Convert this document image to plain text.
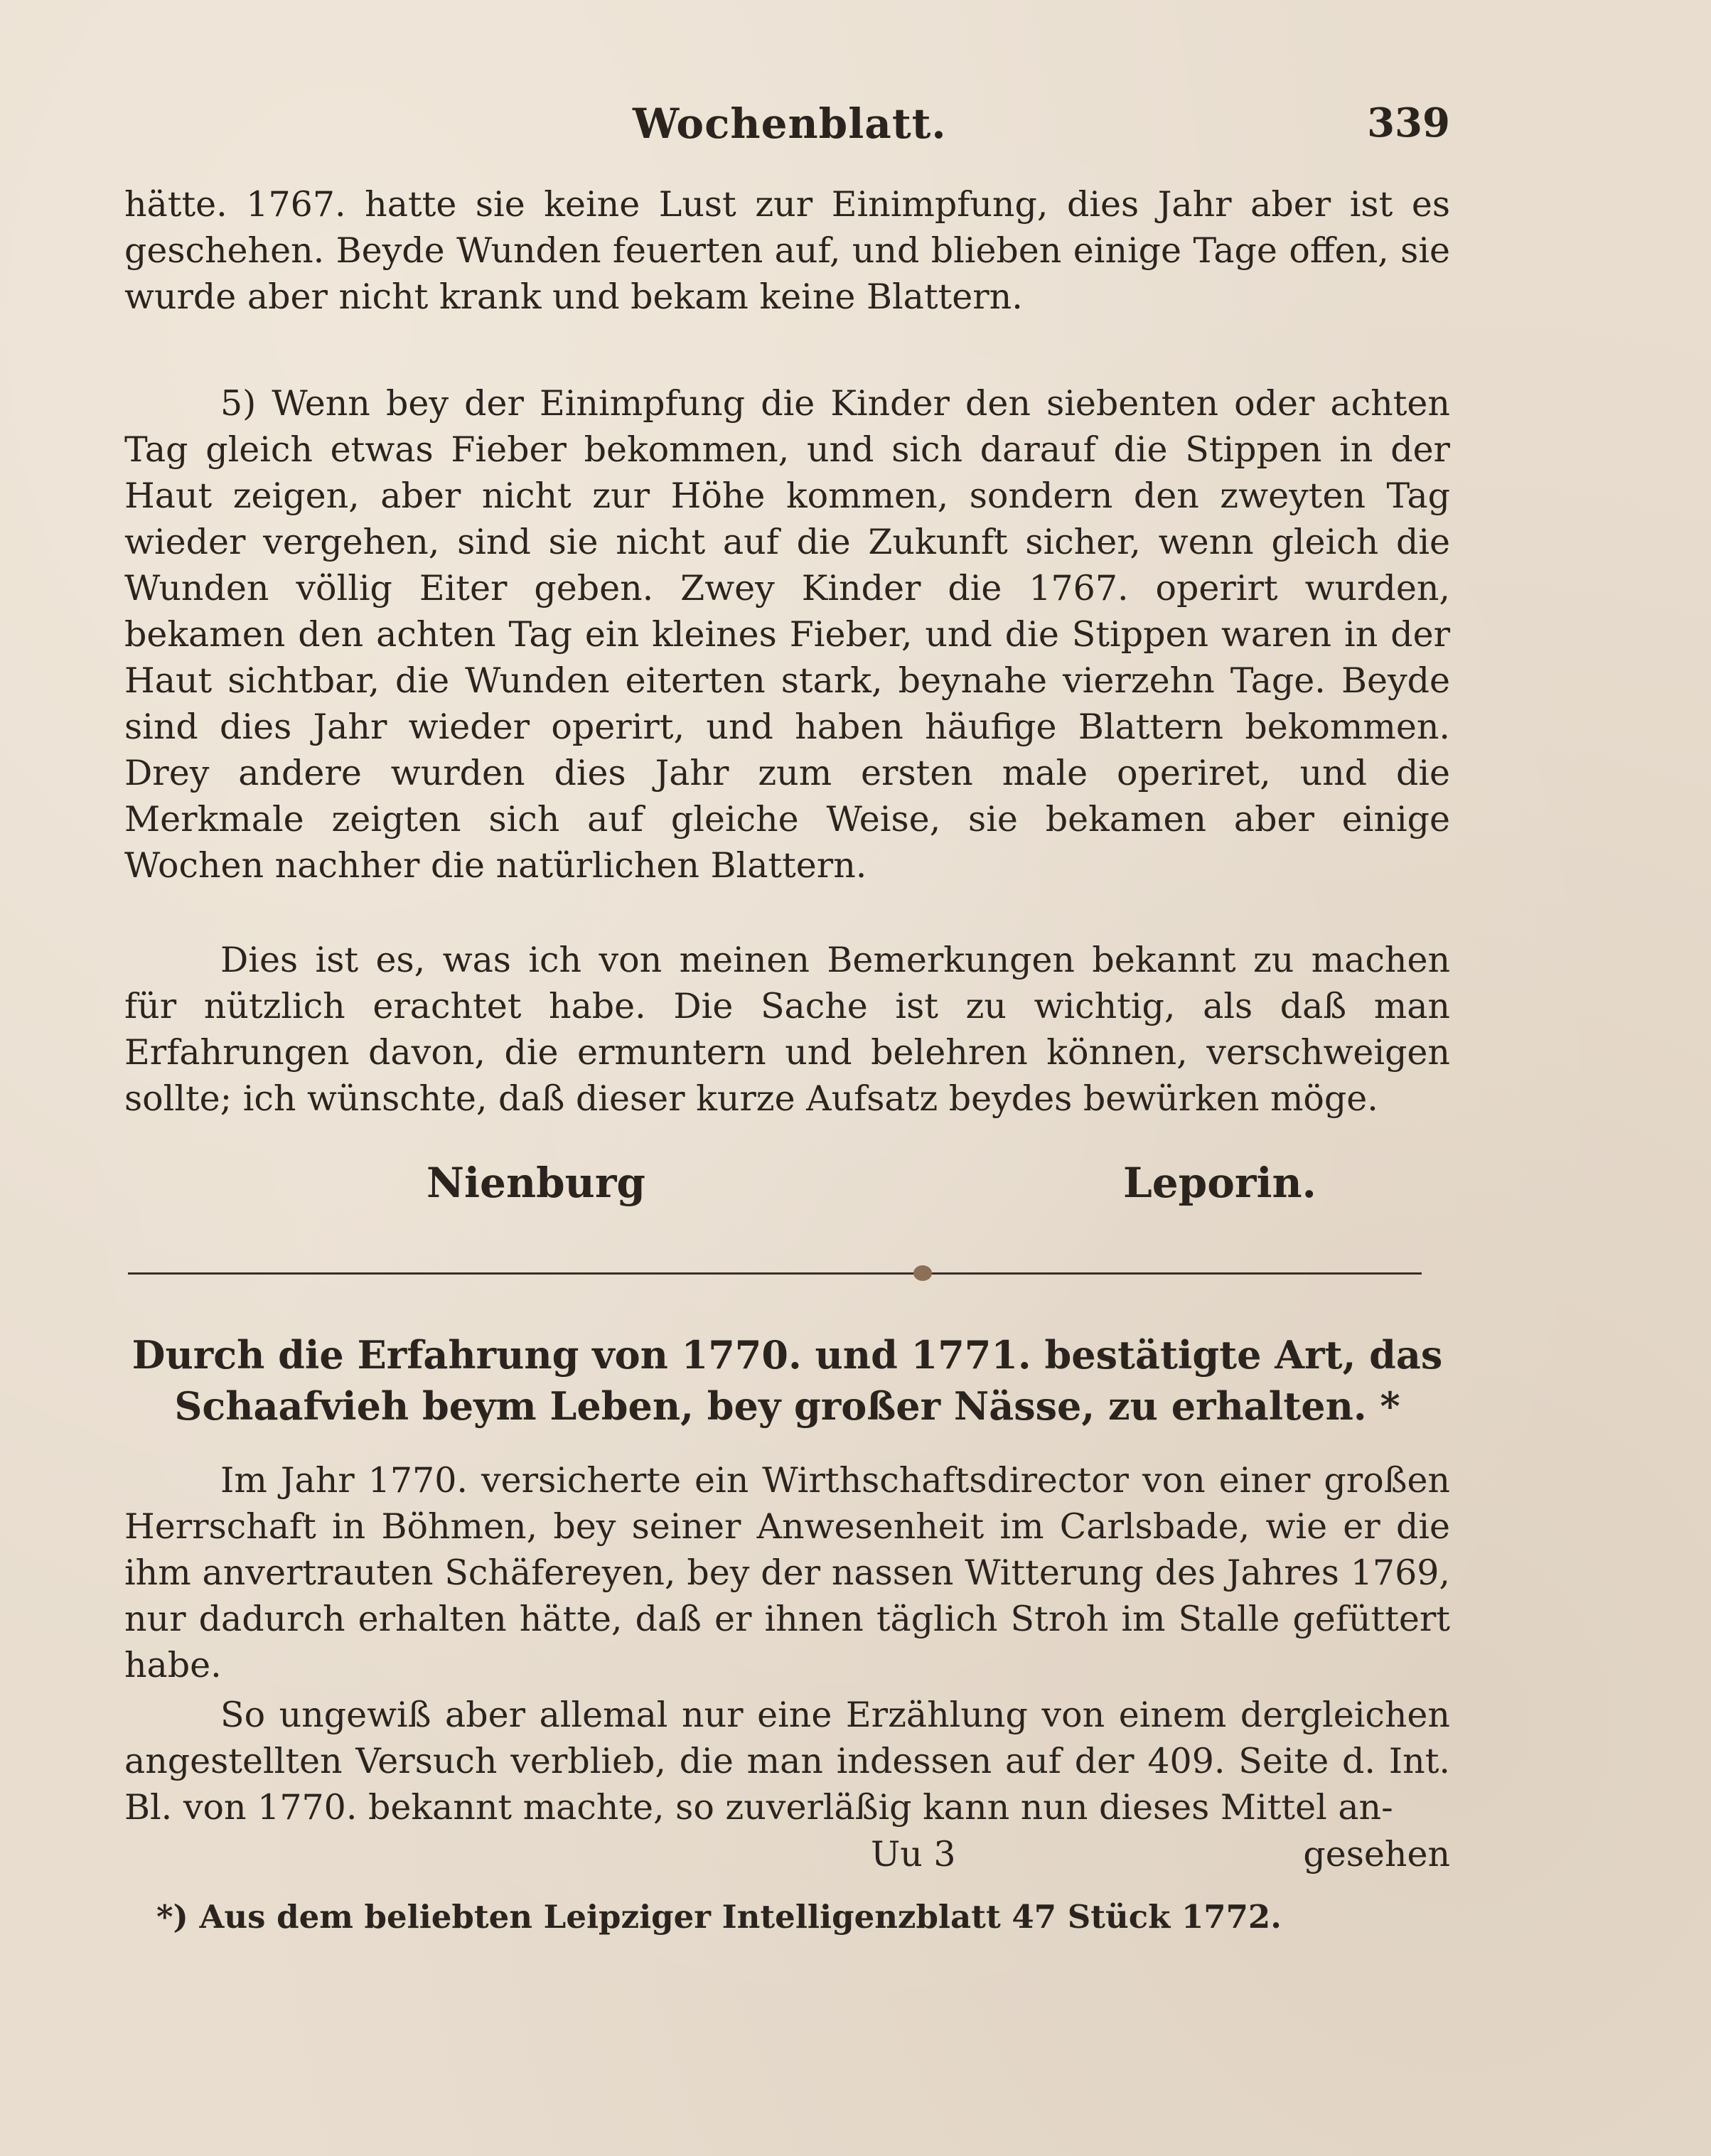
Wochenblatt.	339
hätte. 1767. hatte sie keine Lust zur Einimpfung, dies Jahr aber ist es geschehen. Beyde Wunden feuerten auf, und blieben einige Tage offen, sie wurde aber nicht krank und bekam keine Blattern.
5) Wenn bey der Einimpfung die Kinder den siebenten oder achten Tag gleich etwas Fieber bekommen, und sich darauf die Stippen in der Haut zeigen, aber nicht zur Höhe kommen, sondern den zweyten Tag wieder vergehen, sind sie nicht auf die Zukunft sicher, wenn gleich die Wunden völlig Eiter geben. Zwey Kinder die 1767. operirt wurden, bekamen den achten Tag ein kleines Fieber, und die Stippen waren in der Haut sichtbar, die Wunden eiterten stark, beynahe vierzehn Tage. Beyde sind dies Jahr wieder operirt, und haben häufige Blattern bekommen. Drey andere wurden dies Jahr zum ersten male operiret, und die Merkmale zeigten sich auf gleiche Weise, sie bekamen aber einige Wochen nachher die natürlichen Blattern.
Dies ist es, was ich von meinen Bemerkungen bekannt zu machen für nützlich erachtet habe. Die Sache ist zu wichtig, als daß man Erfahrungen davon, die ermuntern und belehren können, verschweigen sollte; ich wünschte, daß dieser kurze Aufsatz beydes bewürken möge.
Nienburg	Leporin.
Durch die Erfahrung von 1770. und 1771. bestätigte Art, das Schaafvieh beym Leben, bey großer Nässe, zu erhalten. *
Im Jahr 1770. versicherte ein Wirthschaftsdirector von einer großen Herrschaft in Böhmen, bey seiner Anwesenheit im Carlsbade, wie er die ihm anvertrauten Schäfereyen, bey der nassen Witterung des Jahres 1769, nur dadurch erhalten hätte, daß er ihnen täglich Stroh im Stalle gefüttert habe.
So ungewiß aber allemal nur eine Erzählung von einem dergleichen angestellten Versuch verblieb, die man indessen auf der 409. Seite d. Int. Bl. von 1770. bekannt machte, so zuverläßig kann nun dieses Mittel an-
Uu 3	gesehen
*) Aus dem beliebten Leipziger Intelligenzblatt 47 Stück 1772.
